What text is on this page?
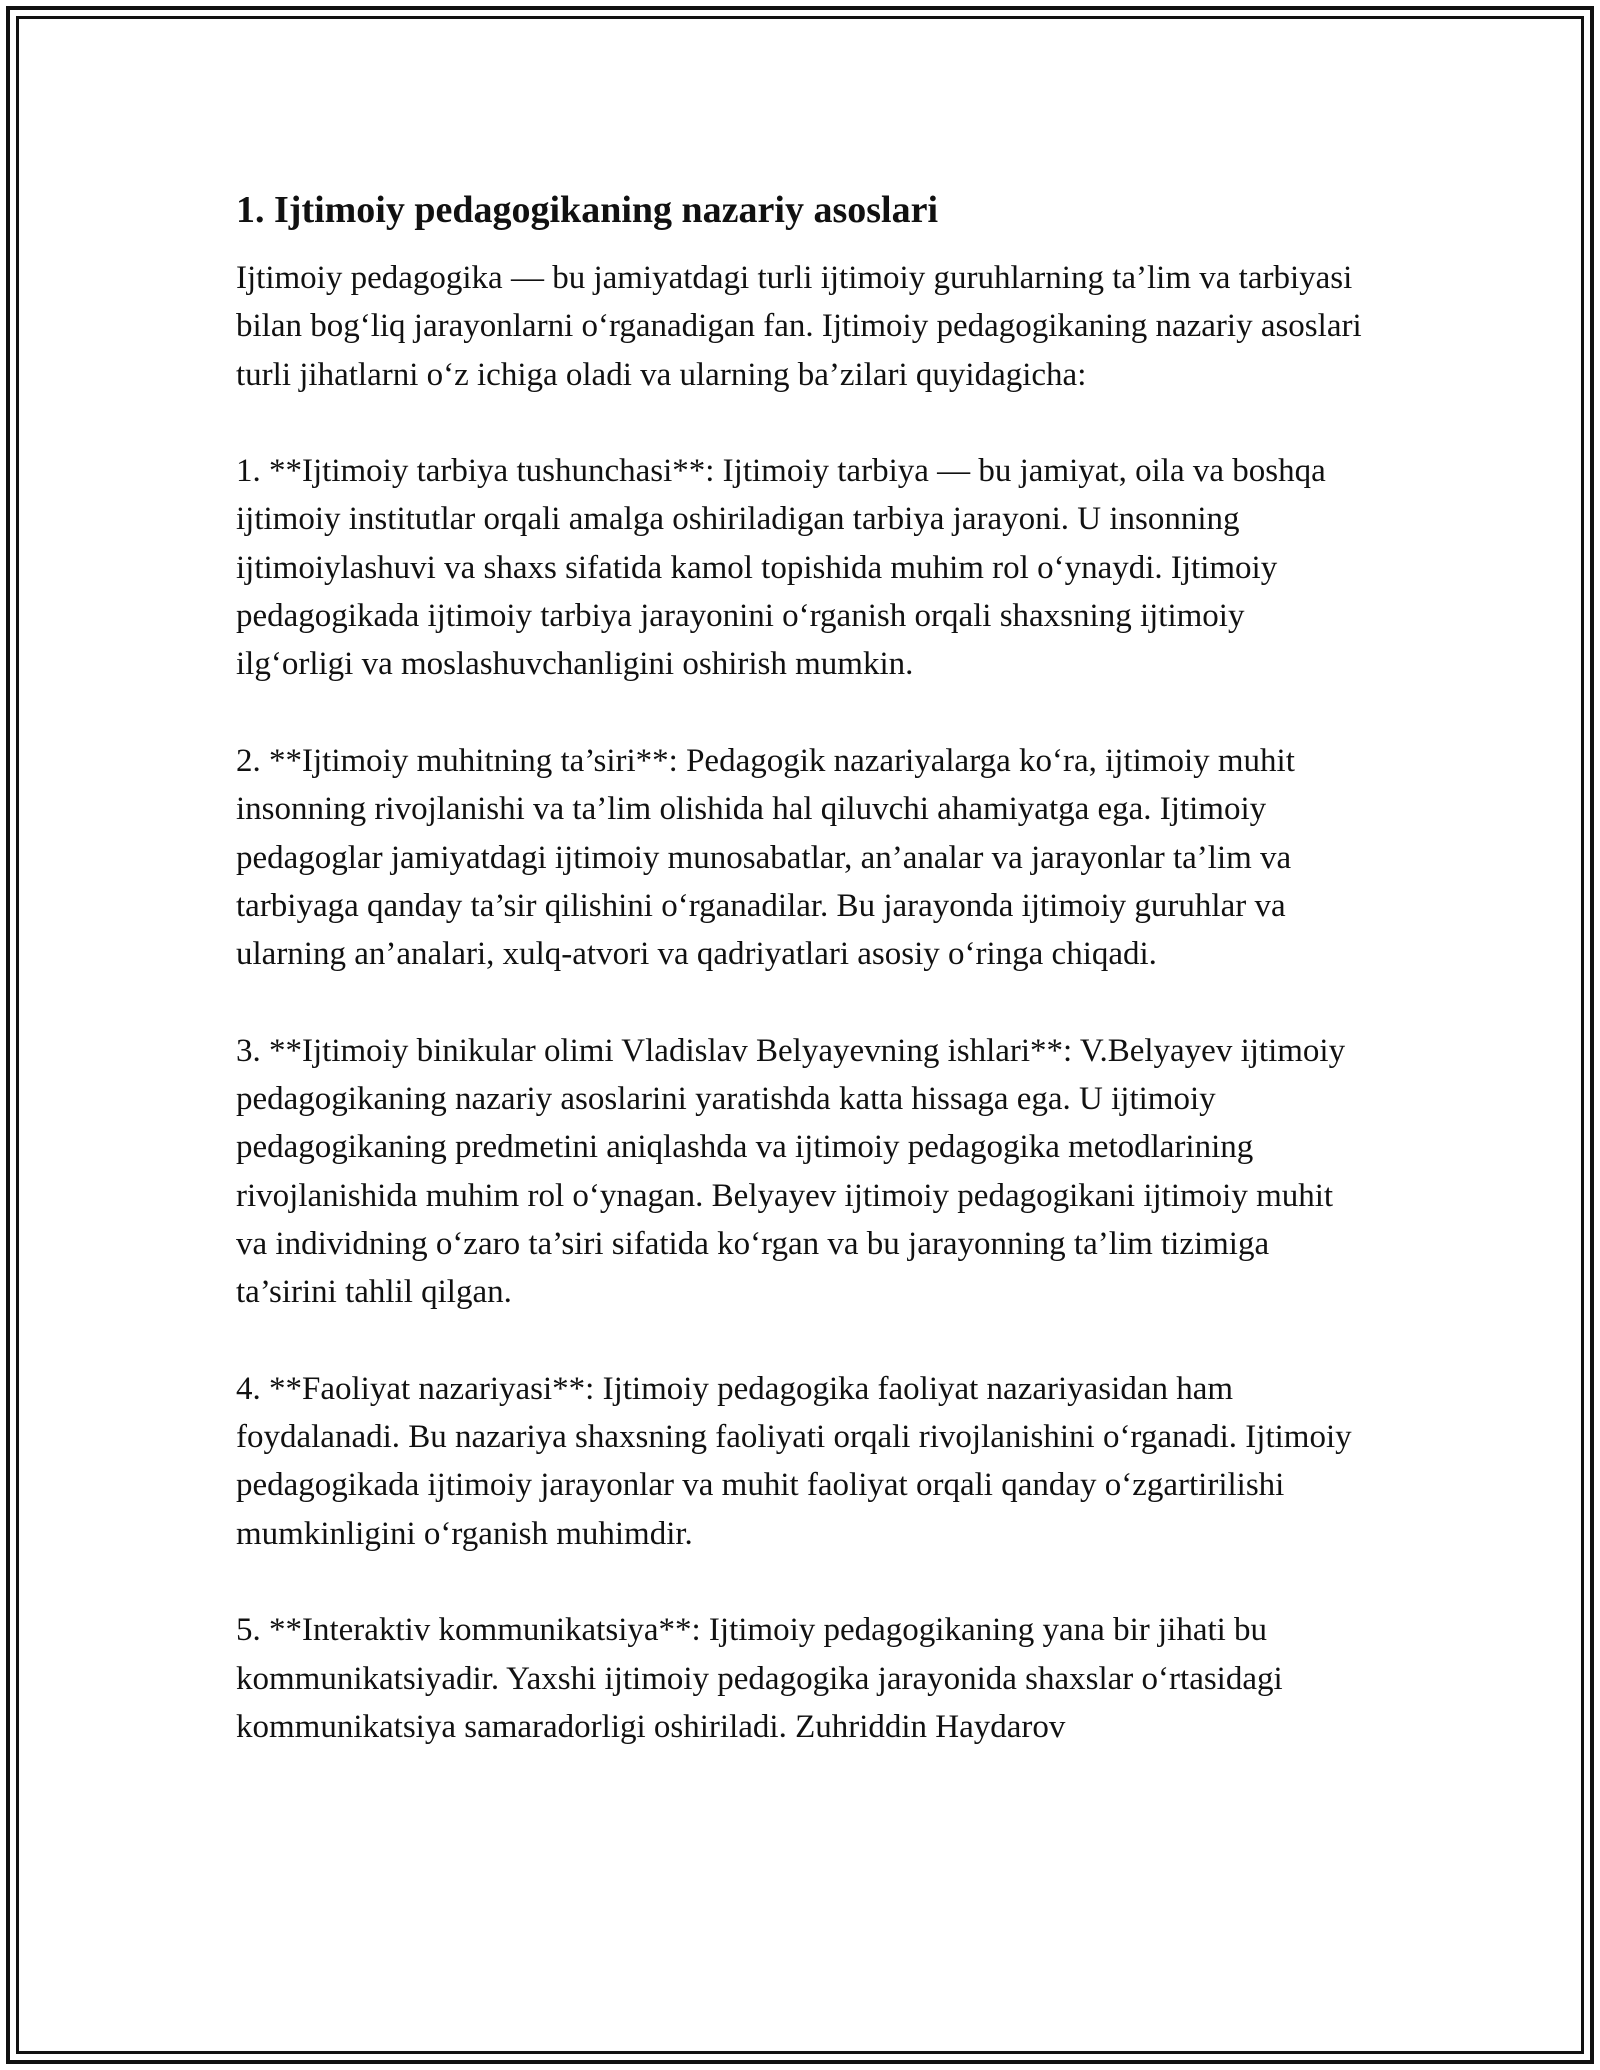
1. Ijtimoiy pedagogikaning nazariy asoslari

Ijtimoiy pedagogika — bu jamiyatdagi turli ijtimoiy guruhlarning ta’lim va tarbiyasi bilan bog‘liq jarayonlarni o‘rganadigan fan. Ijtimoiy pedagogikaning nazariy asoslari turli jihatlarni o‘z ichiga oladi va ularning ba’zilari quyidagicha:

1. **Ijtimoiy tarbiya tushunchasi**: Ijtimoiy tarbiya — bu jamiyat, oila va boshqa ijtimoiy institutlar orqali amalga oshiriladigan tarbiya jarayoni. U insonning ijtimoiylashuvi va shaxs sifatida kamol topishida muhim rol o‘ynaydi. Ijtimoiy pedagogikada ijtimoiy tarbiya jarayonini o‘rganish orqali shaxsning ijtimoiy ilg‘orligi va moslashuvchanligini oshirish mumkin.

2. **Ijtimoiy muhitning ta’siri**: Pedagogik nazariyalarga ko‘ra, ijtimoiy muhit insonning rivojlanishi va ta’lim olishida hal qiluvchi ahamiyatga ega. Ijtimoiy pedagoglar jamiyatdagi ijtimoiy munosabatlar, an’analar va jarayonlar ta’lim va tarbiyaga qanday ta’sir qilishini o‘rganadilar. Bu jarayonda ijtimoiy guruhlar va ularning an’analari, xulq-atvori va qadriyatlari asosiy o‘ringa chiqadi.

3. **Ijtimoiy binikular olimi Vladislav Belyayevning ishlari**: V.Belyayev ijtimoiy pedagogikaning nazariy asoslarini yaratishda katta hissaga ega. U ijtimoiy pedagogikaning predmetini aniqlashda va ijtimoiy pedagogika metodlarining rivojlanishida muhim rol o‘ynagan. Belyayev ijtimoiy pedagogikani ijtimoiy muhit va individning o‘zaro ta’siri sifatida ko‘rgan va bu jarayonning ta’lim tizimiga ta’sirini tahlil qilgan.

4. **Faoliyat nazariyasi**: Ijtimoiy pedagogika faoliyat nazariyasidan ham foydalanadi. Bu nazariya shaxsning faoliyati orqali rivojlanishini o‘rganadi. Ijtimoiy pedagogikada ijtimoiy jarayonlar va muhit faoliyat orqali qanday o‘zgartirilishi mumkinligini o‘rganish muhimdir.

5. **Interaktiv kommunikatsiya**: Ijtimoiy pedagogikaning yana bir jihati bu kommunikatsiyadir. Yaxshi ijtimoiy pedagogika jarayonida shaxslar o‘rtasidagi kommunikatsiya samaradorligi oshiriladi. Zuhriddin Haydarov
